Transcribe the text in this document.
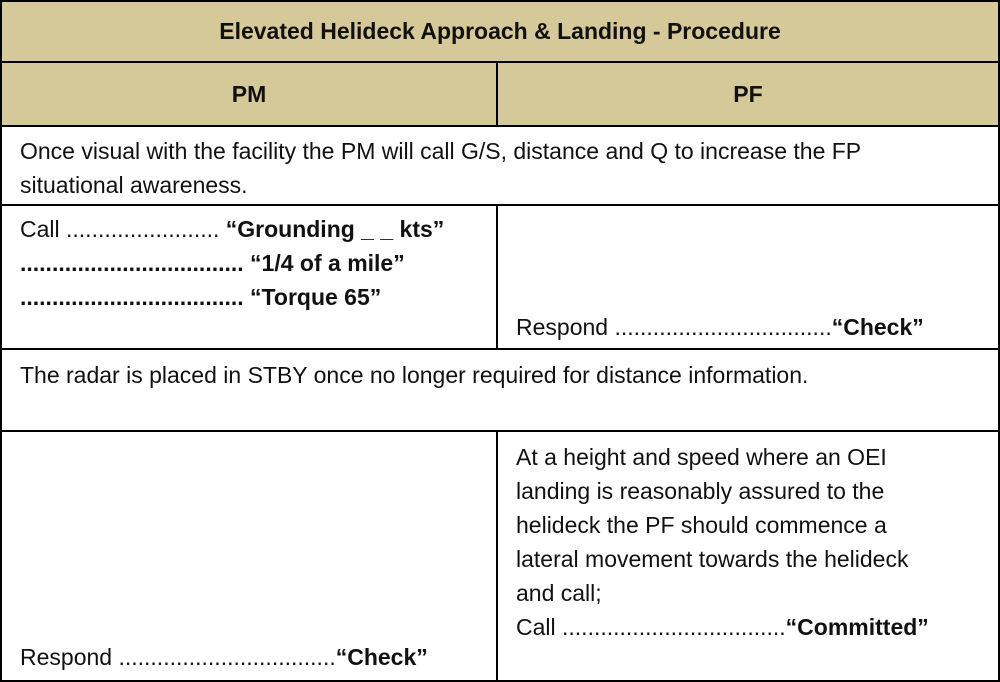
Elevated Helideck Approach & Landing - Procedure
PM	PF
Once visual with the facility the PM will call G/S, distance and Q to increase the FP
situational awareness.
Call ........................ “Grounding _ _ kts”
................................... “1/4 of a mile”
................................... “Torque 65”
Respond ..................................“Check”
The radar is placed in STBY once no longer required for distance information.
Respond ..................................“Check”
At a height and speed where an OEI
landing is reasonably assured to the
helideck the PF should commence a
lateral movement towards the helideck
and call;
Call ...................................“Committed”
